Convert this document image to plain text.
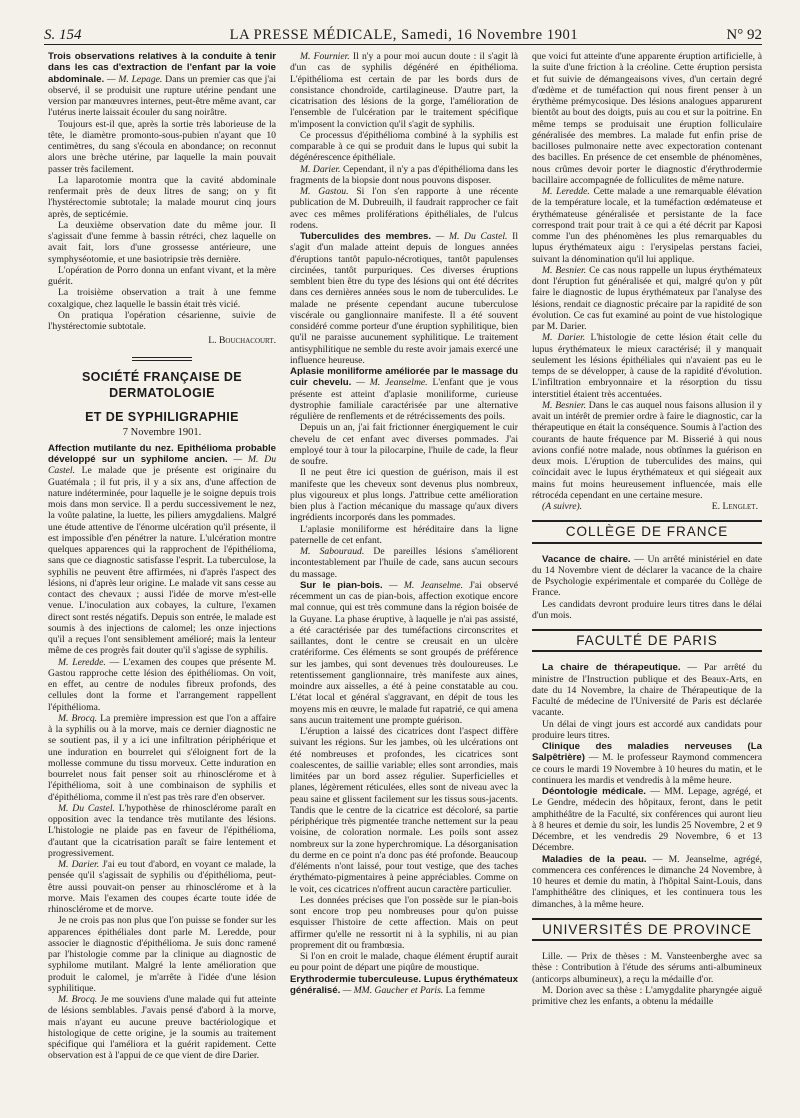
S. 154	LA PRESSE MÉDICALE, Samedi, 16 Novembre 1901	N° 92

Trois observations relatives à la conduite à tenir dans les cas d'extraction de l'enfant par la voie abdominale. — M. Lepage. Dans un premier cas que j'ai observé, il se produisit une rupture utérine pendant une version par manœuvres internes, peut-être même avant, car l'utérus inerte laissait écouler du sang noirâtre.

Toujours est-il que, après la sortie très laborieuse de la tête, le diamètre promonto-sous-pubien n'ayant que 10 centimètres, du sang s'écoula en abondance; on reconnut alors une brèche utérine, par laquelle la main pouvait passer très facilement.

La laparotomie montra que la cavité abdominale renfermait près de deux litres de sang; on y fit l'hystérectomie subtotale; la malade mourut cinq jours après, de septicémie.

La deuxième observation date du même jour. Il s'agissait d'une femme à bassin rétréci, chez laquelle on avait fait, lors d'une grossesse antérieure, une symphyséotomie, et une basiotripsie très dernière.

L'opération de Porro donna un enfant vivant, et la mère guérit.

La troisième observation a trait à une femme coxalgique, chez laquelle le bassin était très vicié.

On pratiqua l'opération césarienne, suivie de l'hystérectomie subtotale.

L. Bouchacourt.
SOCIÉTÉ FRANÇAISE DE DERMATOLOGIE
ET DE SYPHILIGRAPHIE
7 Novembre 1901.

Affection mutilante du nez. Epithélioma probable développé sur un syphilome ancien. — M. Du Castel. Le malade que je présente est originaire du Guatémala ; il fut pris, il y a six ans, d'une affection de nature indéterminée, pour laquelle je le soigne depuis trois mois dans mon service. Il a perdu successivement le nez, la voûte palatine, la luette, les piliers amygdaliens. Malgré une étude attentive de l'énorme ulcération qu'il présente, il est impossible d'en pénétrer la nature. L'ulcération montre quelques apparences qui la rapprochent de l'épithélioma, sans que ce diagnostic satisfasse l'esprit. La tuberculose, la syphilis ne peuvent être affirmées, ni d'après l'aspect des lésions, ni d'après leur origine. Le malade vit sans cesse au contact des chevaux ; aussi l'idée de morve m'est-elle venue. L'inoculation aux cobayes, la culture, l'examen direct sont restés négatifs. Depuis son entrée, le malade est soumis à des injections de calomel; les onze injections qu'il a reçues l'ont sensiblement amélioré; mais la lenteur même de ces progrès fait douter qu'il s'agisse de syphilis.

M. Leredde. — L'examen des coupes que présente M. Gastou rapproche cette lésion des épithéliomas. On voit, en effet, au centre de nodules fibreux profonds, des cellules dont la forme et l'arrangement rappellent l'épithélioma.

M. Brocq. La première impression est que l'on a affaire à la syphilis ou à la morve, mais ce dernier diagnostic ne se soutient pas, il y a ici une infiltration périphérique et une induration en bourrelet qui s'éloignent fort de la mollesse commune du tissu morveux. Cette induration en bourrelet nous fait penser soit au rhinosclérome et à l'épithélioma, soit à une combinaison de syphilis et d'épithélioma, comme il n'est pas très rare d'en observer.

M. Du Castel. L'hypothèse de rhinosclérome paraît en opposition avec la tendance très mutilante des lésions. L'histologie ne plaide pas en faveur de l'épithélioma, d'autant que la cicatrisation paraît se faire lentement et progressivement.

M. Darier. J'ai eu tout d'abord, en voyant ce malade, la pensée qu'il s'agissait de syphilis ou d'épithélioma, peut-être aussi pouvait-on penser au rhinosclérome et à la morve. Mais l'examen des coupes écarte toute idée de rhinosclérome et de morve.

Je ne crois pas non plus que l'on puisse se fonder sur les apparences épithéliales dont parle M. Leredde, pour associer le diagnostic d'épithélioma. Je suis donc ramené par l'histologie comme par la clinique au diagnostic de syphilome mutilant. Malgré la lente amélioration que produit le calomel, je m'arrête à l'idée d'une lésion syphilitique.

M. Brocq. Je me souviens d'une malade qui fut atteinte de lésions semblables. J'avais pensé d'abord à la morve, mais n'ayant eu aucune preuve bactériologique et histologique de cette origine, je la soumis au traitement spécifique qui l'améliora et la guérit rapidement. Cette observation est à l'appui de ce que vient de dire Darier.

M. Fournier. Il n'y a pour moi aucun doute : il s'agit là d'un cas de syphilis dégénéré en épithélioma. L'épithélioma est certain de par les bords durs de consistance chondroïde, cartilagineuse. D'autre part, la cicatrisation des lésions de la gorge, l'amélioration de l'ensemble de l'ulcération par le traitement spécifique m'imposent la conviction qu'il s'agit de syphilis.

Ce processus d'épithélioma combiné à la syphilis est comparable à ce qui se produit dans le lupus qui subit la dégénérescence épithéliale.

M. Darier. Cependant, il n'y a pas d'épithélioma dans les fragments de la biopsie dont nous pouvons disposer.

M. Gastou. Si l'on s'en rapporte à une récente publication de M. Dubreuilh, il faudrait rapprocher ce fait avec ces mêmes proliférations épithéliales, de l'ulcus rodens.

Tuberculides des membres. — M. Du Castel. Il s'agit d'un malade atteint depuis de longues années d'éruptions tantôt papulo-nécrotiques, tantôt papulenses circinées, tantôt purpuriques. Ces diverses éruptions semblent bien être du type des lésions qui ont été décrites dans ces dernières années sous le nom de tuberculides. Le malade ne présente cependant aucune tuberculose viscérale ou ganglionnaire manifeste. Il a été souvent considéré comme porteur d'une éruption syphilitique, bien qu'il ne paraisse aucunement syphilitique. Le traitement antisyphilitique ne semble du reste avoir jamais exercé une influence heureuse.

Aplasie moniliforme améliorée par le massage du cuir chevelu. — M. Jeanselme. L'enfant que je vous présente est atteint d'aplasie moniliforme, curieuse dystrophie familiale caractérisée par une alternative régulière de renflements et de rétrécissements des poils.

Depuis un an, j'ai fait frictionner énergiquement le cuir chevelu de cet enfant avec diverses pommades. J'ai employé tour à tour la pilocarpine, l'huile de cade, la fleur de soufre.

Il ne peut être ici question de guérison, mais il est manifeste que les cheveux sont devenus plus nombreux, plus vigoureux et plus longs. J'attribue cette amélioration bien plus à l'action mécanique du massage qu'aux divers ingrédients incorporés dans les pommades.

L'aplasie moniliforme est héréditaire dans la ligne paternelle de cet enfant.

M. Sabouraud. De pareilles lésions s'améliorent incontestablement par l'huile de cade, sans aucun secours du massage.

Sur le pian-bois. — M. Jeanselme. J'ai observé récemment un cas de pian-bois, affection exotique encore mal connue, qui est très commune dans la région boisée de la Guyane. La phase éruptive, à laquelle je n'ai pas assisté, a été caractérisée par des tuméfactions circonscrites et saillantes, dont le centre se creusait en un ulcère cratériforme. Ces éléments se sont groupés de préférence sur les jambes, qui sont devenues très douloureuses. Le retentissement ganglionnaire, très manifeste aux aines, moindre aux aisselles, a été à peine constatable au cou. L'état local et général s'aggravant, en dépit de tous les moyens mis en œuvre, le malade fut rapatrié, ce qui amena sans aucun traitement une prompte guérison.

L'éruption a laissé des cicatrices dont l'aspect diffère suivant les régions. Sur les jambes, où les ulcérations ont été nombreuses et profondes, les cicatrices sont coalescentes, de saillie variable; elles sont arrondies, mais limitées par un bord assez régulier. Superficielles et planes, légèrement réticulées, elles sont de niveau avec la peau saine et glissent facilement sur les tissus sous-jacents. Tandis que le centre de la cicatrice est décoloré, sa partie périphérique très pigmentée tranche nettement sur la peau voisine, de coloration normale. Les poils sont assez nombreux sur la zone hyperchromique. La désorganisation du derme en ce point n'a donc pas été profonde. Beaucoup d'éléments n'ont laissé, pour tout vestige, que des taches érythémato-pigmentaires à peine appréciables. Comme on le voit, ces cicatrices n'offrent aucun caractère particulier.

Les données précises que l'on possède sur le pian-bois sont encore trop peu nombreuses pour qu'on puisse esquisser l'histoire de cette affection. Mais on peut affirmer qu'elle ne ressortit ni à la syphilis, ni au pian proprement dit ou frambœsia.

Si l'on en croit le malade, chaque élément éruptif aurait eu pour point de départ une piqûre de moustique.

Erythrodermie tuberculeuse. Lupus érythémateux généralisé. — MM. Gaucher et Paris. La femme

que voici fut atteinte d'une apparente éruption artificielle, à la suite d'une friction à la créoline. Cette éruption persista et fut suivie de démangeaisons vives, d'un certain degré d'œdème et de tuméfaction qui nous firent penser à un érythème prémycosique. Des lésions analogues apparurent bientôt au bout des doigts, puis au cou et sur la poitrine. En même temps se produisait une éruption folliculaire généralisée des membres. La malade fut enfin prise de bacilloses pulmonaire nette avec expectoration contenant des bacilles. En présence de cet ensemble de phénomènes, nous crûmes devoir porter le diagnostic d'érythrodermie bacillaire accompagnée de folliculites de même nature.

M. Leredde. Cette malade a une remarquable élévation de la température locale, et la tuméfaction œdémateuse et érythémateuse généralisée et persistante de la face correspond trait pour trait à ce qui a été décrit par Kaposi comme l'un des phénomènes les plus remarquables du lupus érythémateux aigu : l'erysipelas perstans faciei, suivant la dénomination qu'il lui applique.

M. Besnier. Ce cas nous rappelle un lupus érythémateux dont l'éruption fut généralisée et qui, malgré qu'on y pût faire le diagnostic de lupus érythémateux par l'analyse des lésions, rendait ce diagnostic précaire par la rapidité de son évolution. Ce cas fut examiné au point de vue histologique par M. Darier.

M. Darier. L'histologie de cette lésion était celle du lupus érythémateux le mieux caractérisé; il y manquait seulement les lésions épithéliales qui n'avaient pas eu le temps de se développer, à cause de la rapidité d'évolution. L'infiltration embryonnaire et la résorption du tissu interstitiel étaient très accentuées.

M. Besnier. Dans le cas auquel nous faisons allusion il y avait un intérêt de premier ordre à faire le diagnostic, car la thérapeutique en était la conséquence. Soumis à l'action des courants de haute fréquence par M. Bisserié à qui nous avions confié notre malade, nous obtînmes la guérison en deux mois. L'éruption de tuberculides des mains, qui coïncidait avec le lupus érythémateux et qui siégeait aux mains fut moins heureusement influencée, mais elle rétrocéda cependant en une certaine mesure.

(A suivre).	E. Lenglet.
COLLÈGE DE FRANCE

Vacance de chaire. — Un arrêté ministériel en date du 14 Novembre vient de déclarer la vacance de la chaire de Psychologie expérimentale et comparée du Collège de France.

Les candidats devront produire leurs titres dans le délai d'un mois.

FACULTÉ DE PARIS

La chaire de thérapeutique. — Par arrêté du ministre de l'Instruction publique et des Beaux-Arts, en date du 14 Novembre, la chaire de Thérapeutique de la Faculté de médecine de l'Université de Paris est déclarée vacante.

Un délai de vingt jours est accordé aux candidats pour produire leurs titres.

Clinique des maladies nerveuses (La Salpêtrière) — M. le professeur Raymond commencera ce cours le mardi 19 Novembre à 10 heures du matin, et le continuera les mardis et vendredis à la même heure.

Déontologie médicale. — MM. Lepage, agrégé, et Le Gendre, médecin des hôpitaux, feront, dans le petit amphithéâtre de la Faculté, six conférences qui auront lieu à 8 heures et demie du soir, les lundis 25 Novembre, 2 et 9 Décembre, et les vendredis 29 Novembre, 6 et 13 Décembre.

Maladies de la peau. — M. Jeanselme, agrégé, commencera ces conférences le dimanche 24 Novembre, à 10 heures et demie du matin, à l'hôpital Saint-Louis, dans l'amphithéâtre des cliniques, et les continuera tous les dimanches, à la même heure.

UNIVERSITÉS DE PROVINCE

Lille. — Prix de thèses : M. Vansteenberghe avec sa thèse : Contribution à l'étude des sérums anti-albumineux (anticorps albumineux), a reçu la médaille d'or.

M. Dorion avec sa thèse : L'amygdalite pharyngée aiguë primitive chez les enfants, a obtenu la médaille
